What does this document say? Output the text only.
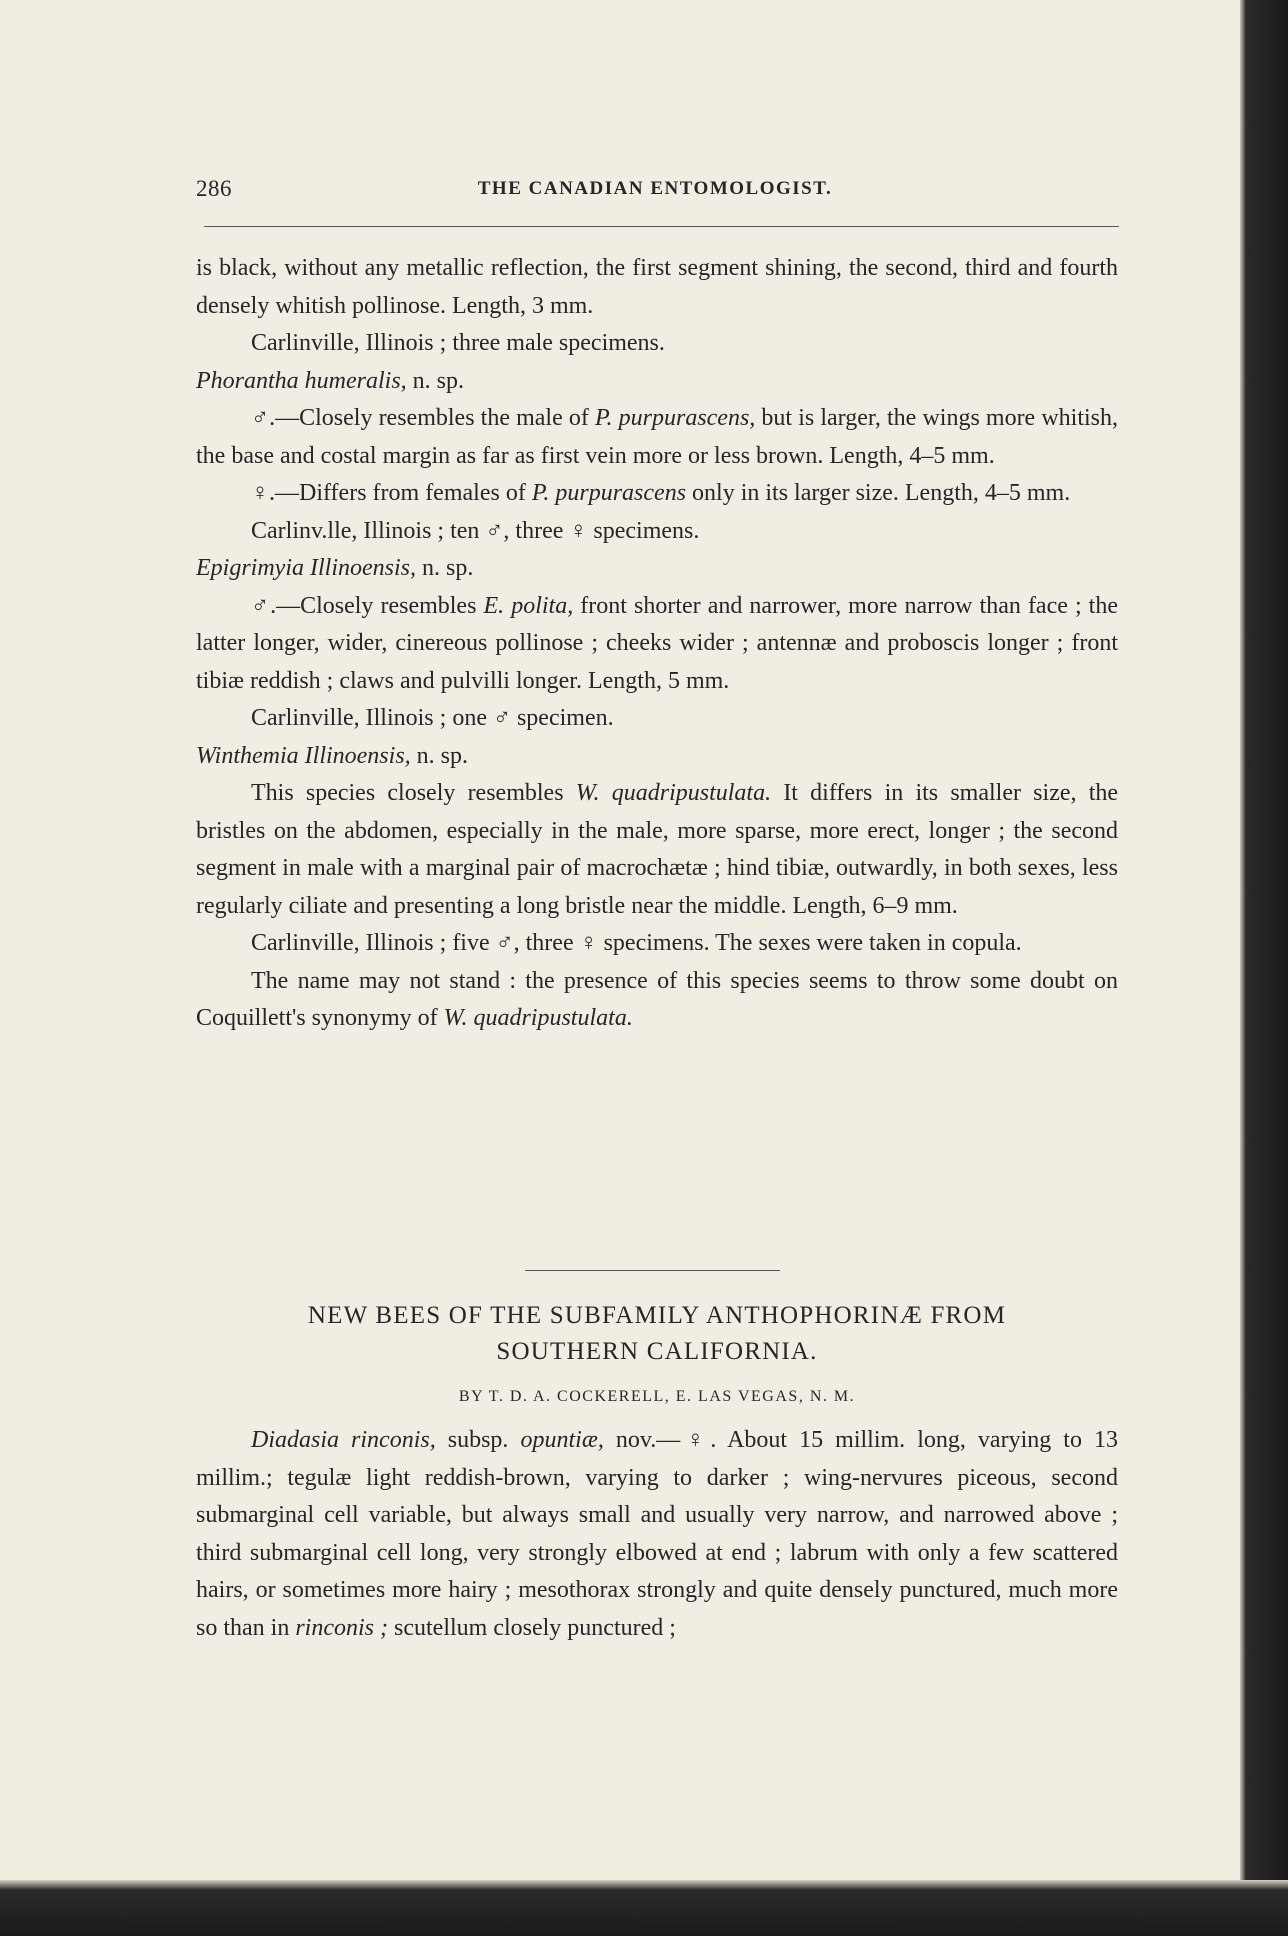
286	THE CANADIAN ENTOMOLOGIST.

is black, without any metallic reflection, the first segment shining, the second, third and fourth densely whitish pollinose. Length, 3 mm.

Carlinville, Illinois ; three male specimens.

Phorantha humeralis, n. sp.

♂.—Closely resembles the male of P. purpurascens, but is larger, the wings more whitish, the base and costal margin as far as first vein more or less brown. Length, 4–5 mm.

♀.—Differs from females of P. purpurascens only in its larger size. Length, 4–5 mm.

Carlinv.lle, Illinois ; ten ♂, three ♀ specimens.

Epigrimyia Illinoensis, n. sp.

♂.—Closely resembles E. polita, front shorter and narrower, more narrow than face ; the latter longer, wider, cinereous pollinose ; cheeks wider ; antennæ and proboscis longer ; front tibiæ reddish ; claws and pulvilli longer. Length, 5 mm.

Carlinville, Illinois ; one ♂ specimen.

Winthemia Illinoensis, n. sp.

This species closely resembles W. quadripustulata. It differs in its smaller size, the bristles on the abdomen, especially in the male, more sparse, more erect, longer ; the second segment in male with a marginal pair of macrochætæ ; hind tibiæ, outwardly, in both sexes, less regularly ciliate and presenting a long bristle near the middle. Length, 6–9 mm.

Carlinville, Illinois ; five ♂, three ♀ specimens. The sexes were taken in copula.

The name may not stand : the presence of this species seems to throw some doubt on Coquillett's synonymy of W. quadripustulata.

NEW BEES OF THE SUBFAMILY ANTHOPHORINÆ FROM

SOUTHERN CALIFORNIA.

BY T. D. A. COCKERELL, E. LAS VEGAS, N. M.

Diadasia rinconis, subsp. opuntiæ, nov.—♀. About 15 millim. long, varying to 13 millim.; tegulæ light reddish-brown, varying to darker ; wing-nervures piceous, second submarginal cell variable, but always small and usually very narrow, and narrowed above ; third submarginal cell long, very strongly elbowed at end ; labrum with only a few scattered hairs, or sometimes more hairy ; mesothorax strongly and quite densely punctured, much more so than in rinconis ; scutellum closely punctured ;
